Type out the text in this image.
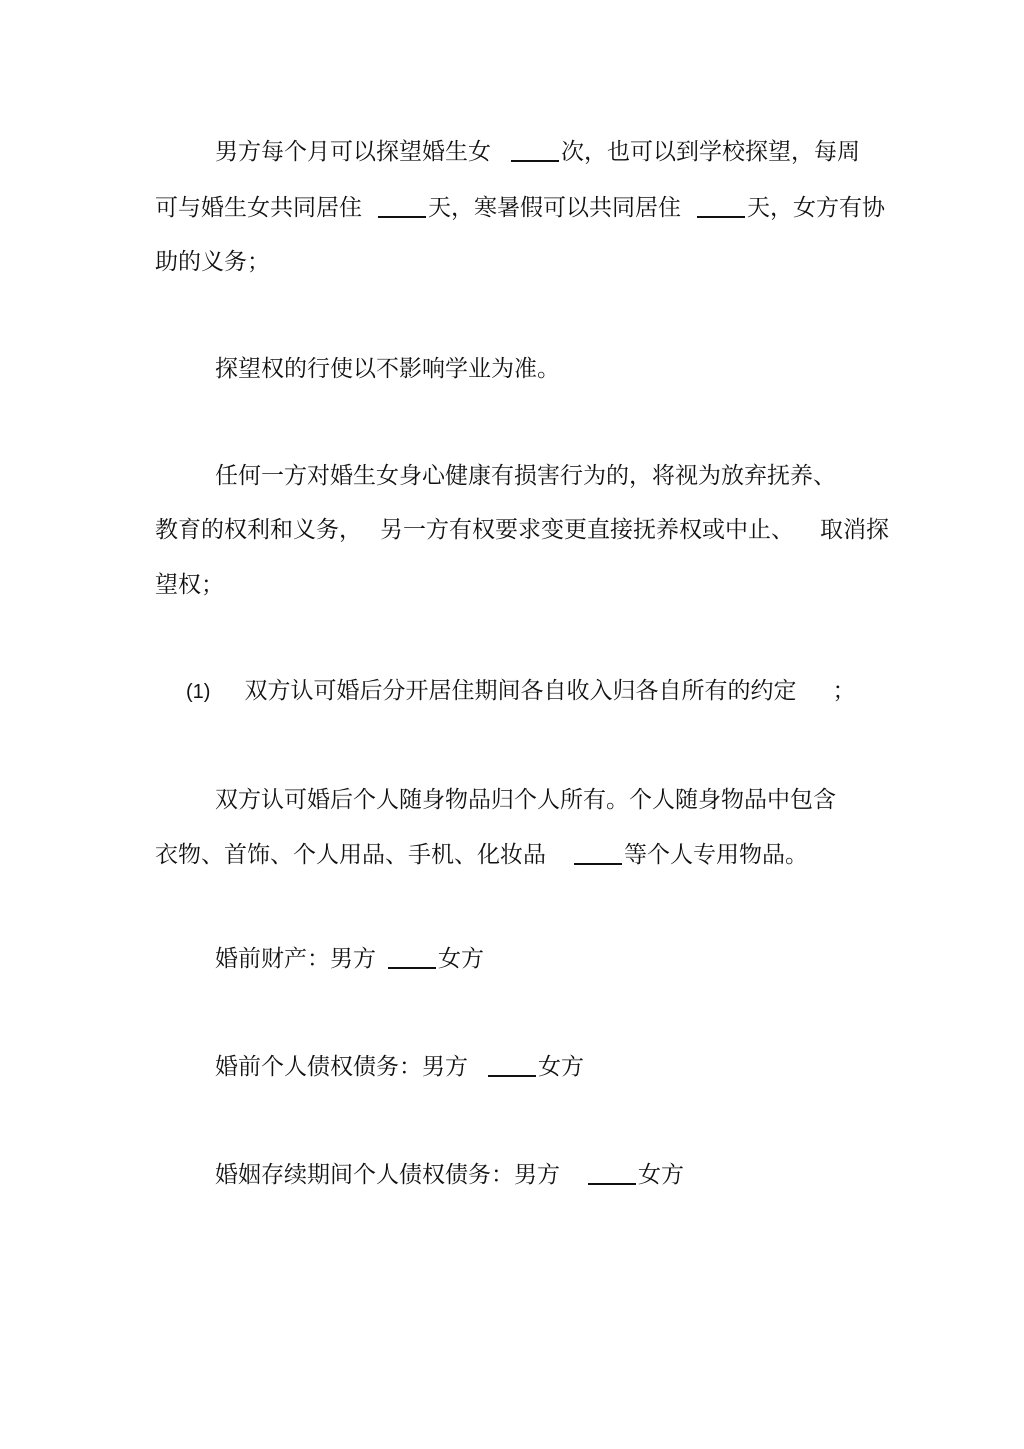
男方每个月可以探望婚生女	次，也可以到学校探望，每周
可与婚生女共同居住	天，寒暑假可以共同居住	天，女方有协
助的义务；
探望权的行使以不影响学业为准。
任何一方对婚生女身心健康有损害行为的，将视为放弃抚养、
教育的权利和义务， 另一方有权要求变更直接抚养权或中止、 取消探
望权；
(1) 双方认可婚后分开居住期间各自收入归各自所有的约定 ；
双方认可婚后个人随身物品归个人所有。个人随身物品中包含
衣物、首饰、个人用品、手机、化妆品	等个人专用物品。
婚前财产：男方	女方
婚前个人债权债务：男方	女方
婚姻存续期间个人债权债务：男方	女方
